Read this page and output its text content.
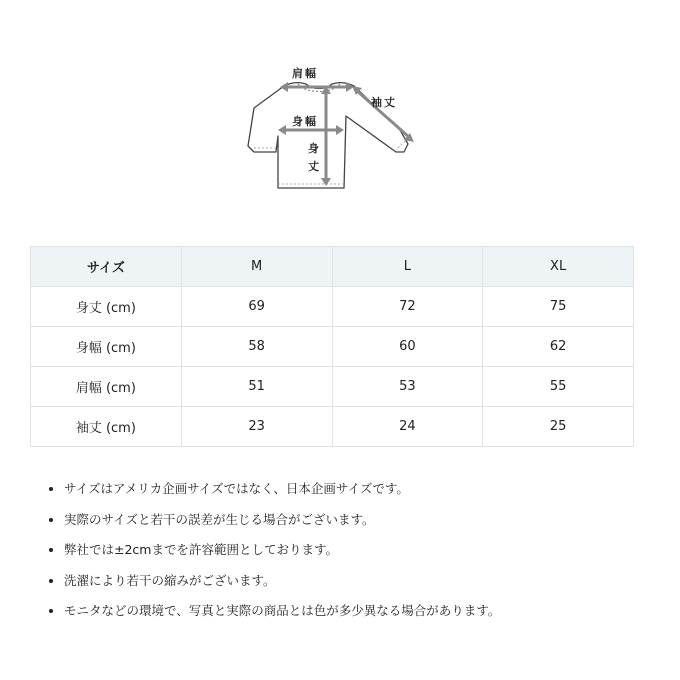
肩幅
袖丈
身幅
身
丈
サイズ	M	L	XL
身丈 (cm)	69	72	75
身幅 (cm)	58	60	62
肩幅 (cm)	51	53	55
袖丈 (cm)	23	24	25
• サイズはアメリカ企画サイズではなく、日本企画サイズです。
• 実際のサイズと若干の誤差が生じる場合がございます。
• 弊社では±2cmまでを許容範囲としております。
• 洗濯により若干の縮みがございます。
• モニタなどの環境で、写真と実際の商品とは色が多少異なる場合があります。
